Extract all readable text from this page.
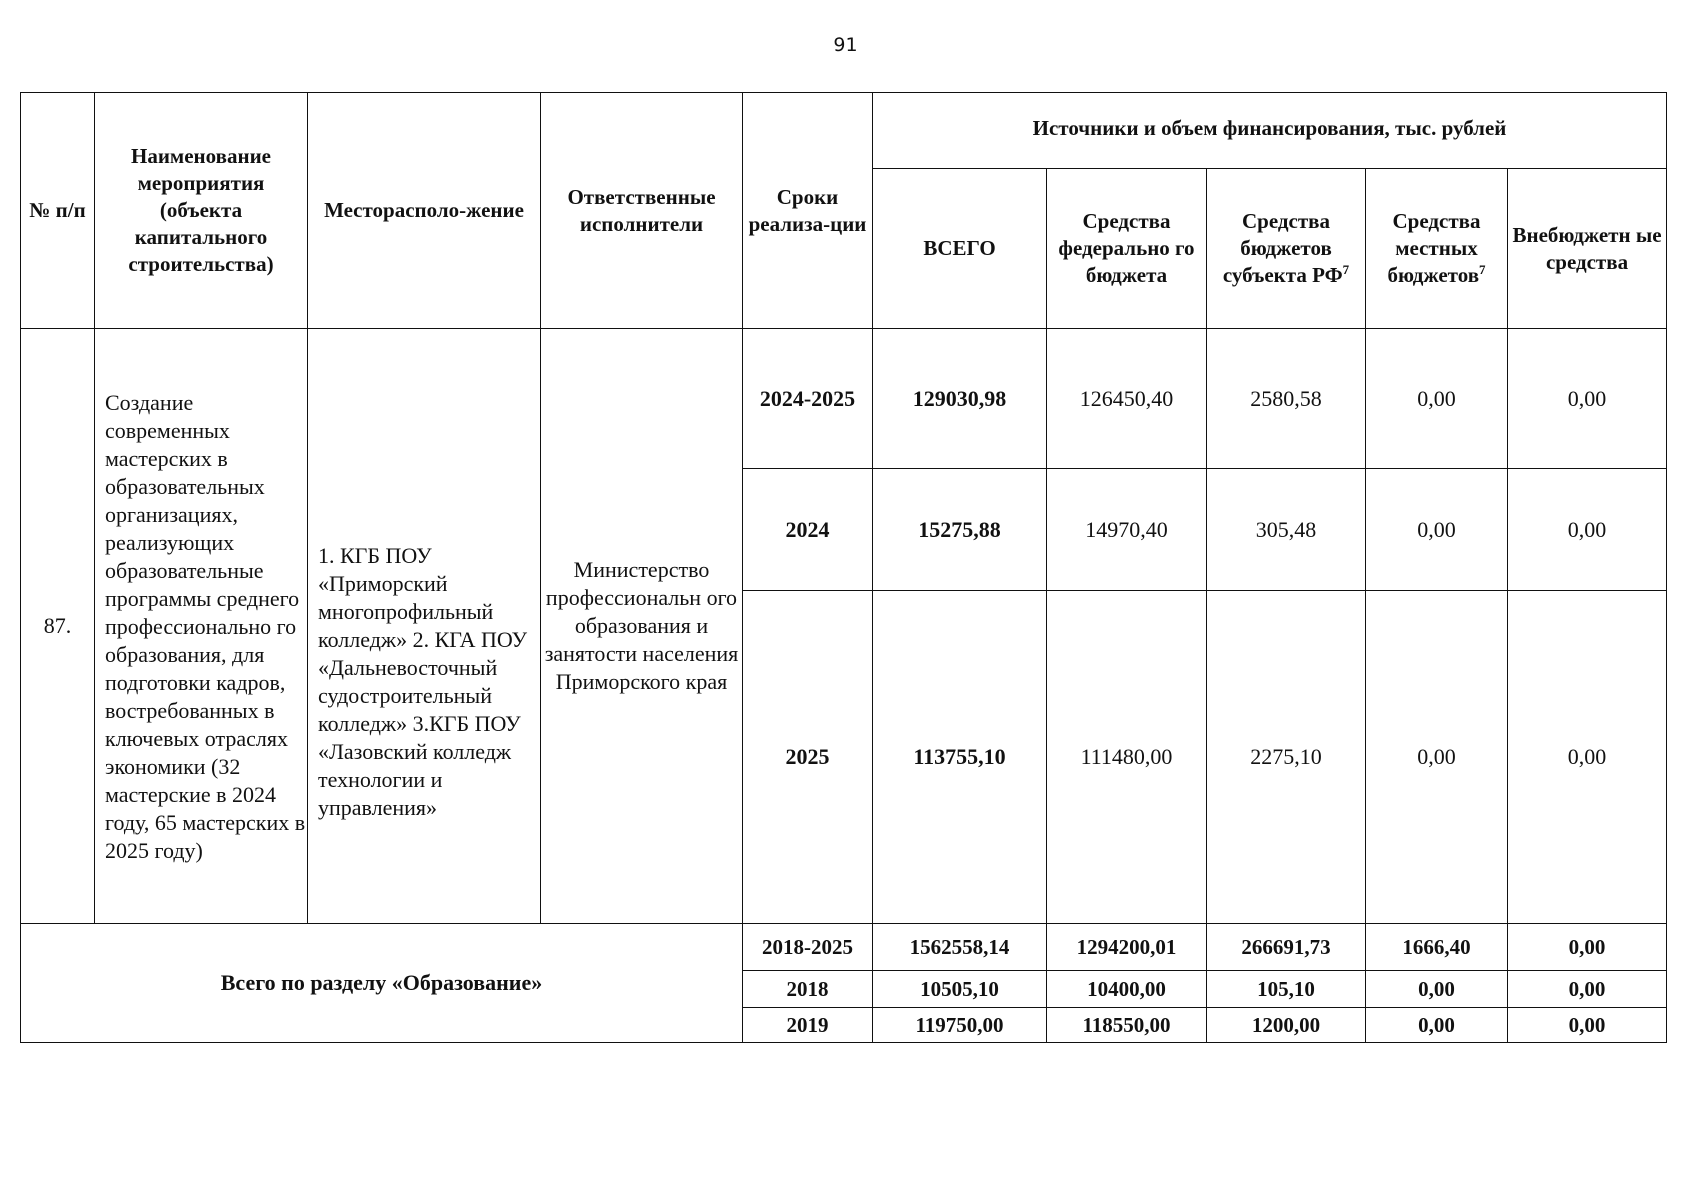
91
№ п/п	Наименование мероприятия (объекта капитального строительства)	Месторасполо-жение	Ответственные исполнители	Сроки реализа-ции	Источники и объем финансирования, тыс. рублей				
					ВСЕГО	Средства федерально го бюджета	Средства бюджетов субъекта $РФ^7$	Средства местных бюджетов$^7$	Внебюджетн ые средства
87.	Создание современных мастерских в образовательных организациях, реализующих образовательные программы среднего профессионально го образования, для подготовки кадров, востребованных в ключевых отраслях экономики (32 мастерские в 2024 году, 65 мастерских в 2025 году)	1. КГБ ПОУ «Приморский многопрофильный колледж» 2. КГА ПОУ «Дальневосточный судостроительный колледж» 3.КГБ ПОУ «Лазовский колледж технологии и управления»	Министерство профессиональн ого образования и занятости населения Приморского края	2024-2025	129030,98	126450,40	2580,58	0,00	0,00
				2024	15275,88	14970,40	305,48	0,00	0,00
				2025	113755,10	111480,00	2275,10	0,00	0,00
Всего по разделу «Образование»				2018-2025	1562558,14	1294200,01	266691,73	1666,40	0,00
				2018	10505,10	10400,00	105,10	0,00	0,00
				2019	119750,00	118550,00	1200,00	0,00	0,00
